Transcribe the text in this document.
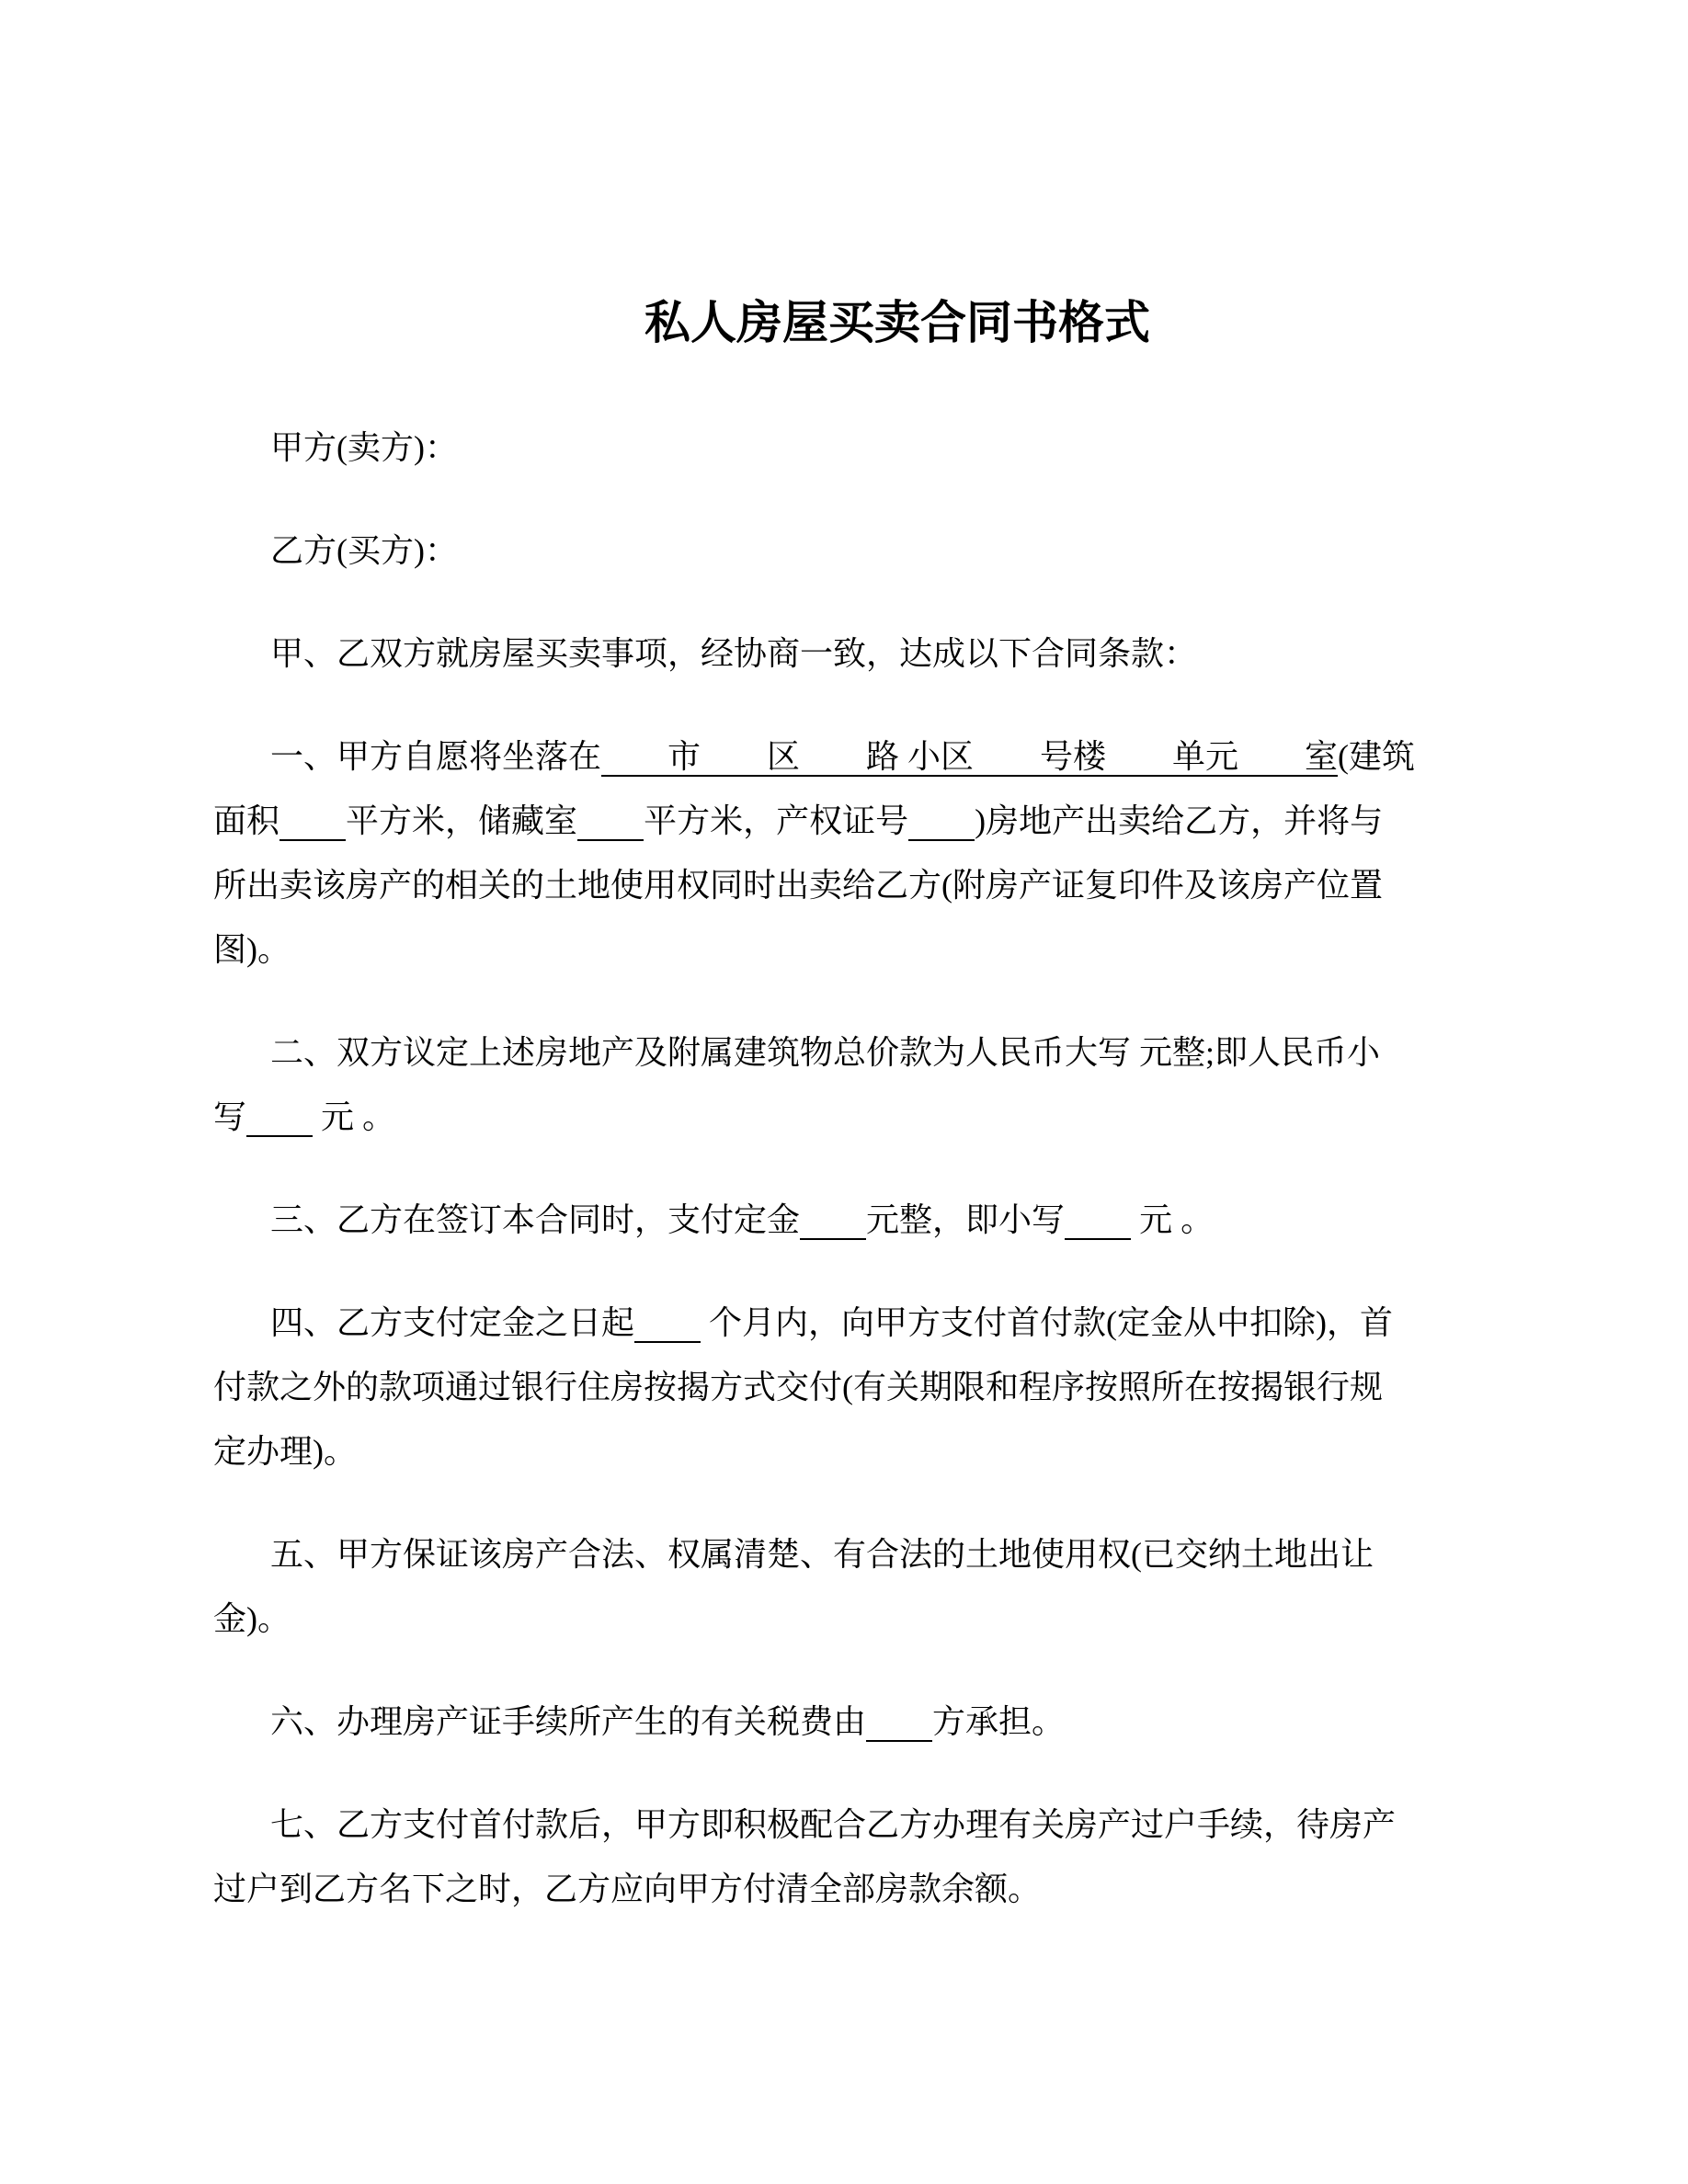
私人房屋买卖合同书格式

甲方(卖方)：

乙方(买方)：

甲、乙双方就房屋买卖事项，经协商一致，达成以下合同条款：

一、甲方自愿将坐落在　　市　　区　　路 小区　　号楼　　单元　　室(建筑
面积　　 平方米，储藏室　　 平方米，产权证号　　 )房地产出卖给乙方，并将与
所出卖该房产的相关的土地使用权同时出卖给乙方(附房产证复印件及该房产位置
图)。

二、双方议定上述房地产及附属建筑物总价款为人民币大写 元整;即人民币小
写　　 元 。

三、乙方在签订本合同时，支付定金　　 元整，即小写　　 元 。

四、乙方支付定金之日起　　 个月内，向甲方支付首付款(定金从中扣除)，首
付款之外的款项通过银行住房按揭方式交付(有关期限和程序按照所在按揭银行规
定办理)。

五、甲方保证该房产合法、权属清楚、有合法的土地使用权(已交纳土地出让
金)。

六、办理房产证手续所产生的有关税费由　　 方承担。

七、乙方支付首付款后，甲方即积极配合乙方办理有关房产过户手续，待房产
过户到乙方名下之时，乙方应向甲方付清全部房款余额。
